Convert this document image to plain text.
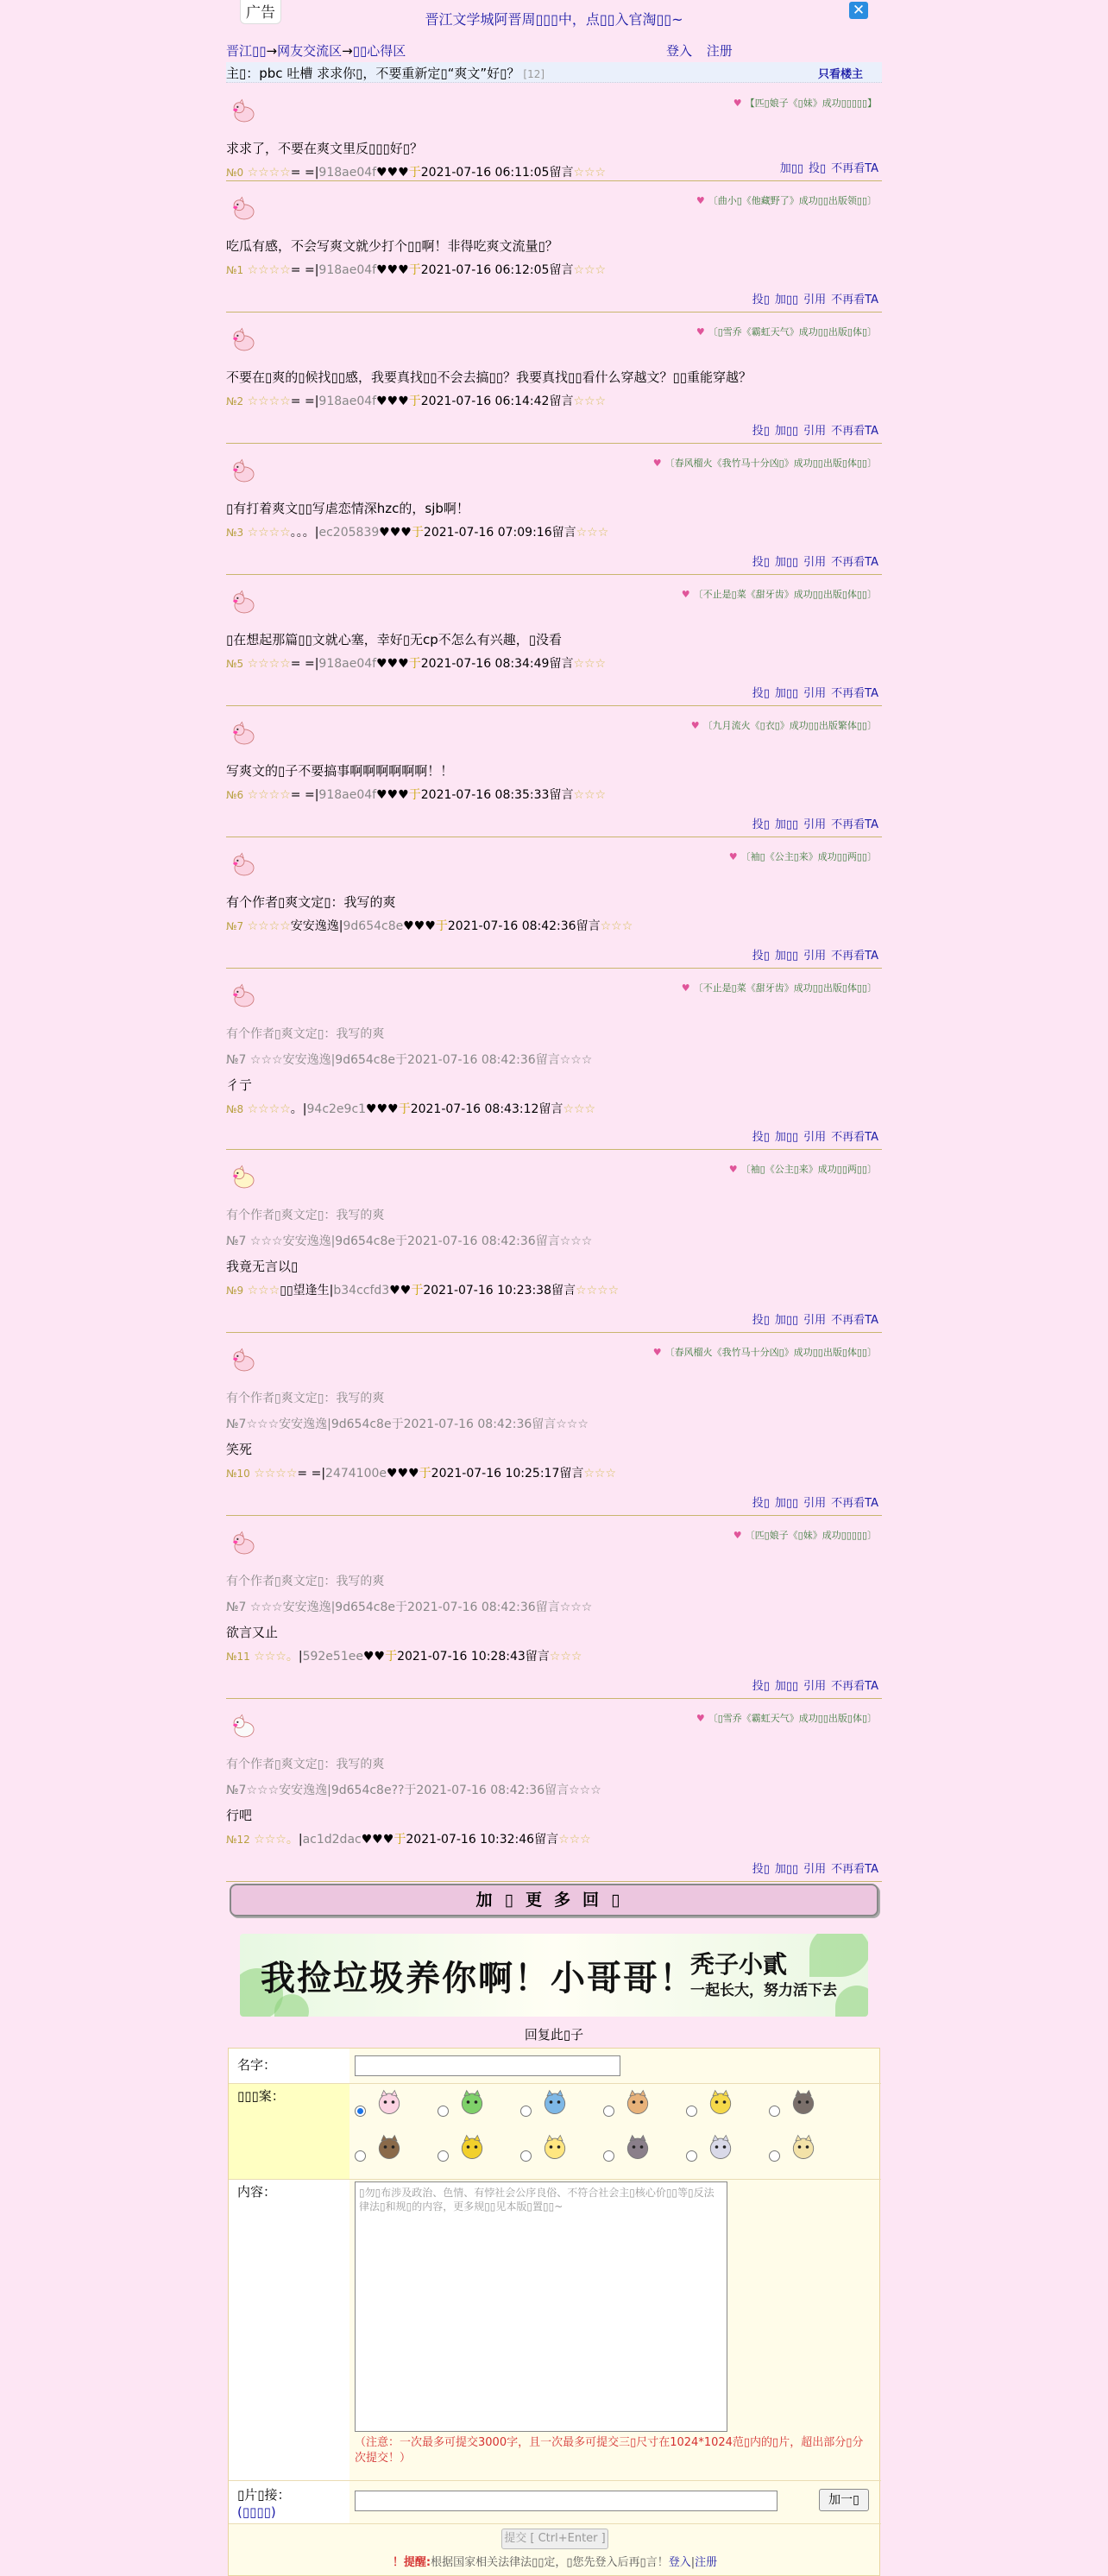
广告	晋江文学城阿晋周▯▯▯中，点▯▯入官淘▯▯~
✕
晋江▯▯→网友交流区→▯▯心得区	登入 注册
主▯：pbc 吐槽 求求你▯，不要重新定▯“爽文”好▯？ [12]	只看楼主
♥ 【匹▯娘子《▯妹》成功▯▯▯▯▯】
求求了，不要在爽文里反▯▯▯好▯？
№0 ☆☆☆☆= =|918ae04f♥♥♥于2021-07-16 06:11:05留言☆☆☆	加▯▯ 投▯ 不再看TA
♥ 〔曲小▯《他藏野了》成功▯▯出版领▯▯〕
吃瓜有感，不会写爽文就少打个▯▯啊！非得吃爽文流量▯？
№1 ☆☆☆☆= =|918ae04f♥♥♥于2021-07-16 06:12:05留言☆☆☆
投▯ 加▯▯ 引用 不再看TA
♥ 〔▯雪乔《霸虹天气》成功▯▯出版▯体▯〕
不要在▯爽的▯候找▯▯感，我要真找▯▯不会去搞▯▯？我要真找▯▯看什么穿越文？▯▯重能穿越？
№2 ☆☆☆☆= =|918ae04f♥♥♥于2021-07-16 06:14:42留言☆☆☆
投▯ 加▯▯ 引用 不再看TA
♥ 〔春风榴火《我竹马十分凶▯》成功▯▯出版▯体▯▯〕
▯有打着爽文▯▯写虐恋情深hzc的，sjb啊！
№3 ☆☆☆☆。。。|ec205839♥♥♥于2021-07-16 07:09:16留言☆☆☆
投▯ 加▯▯ 引用 不再看TA
♥ 〔不止是▯菜《甜牙齿》成功▯▯出版▯体▯▯〕
▯在想起那篇▯▯文就心塞，幸好▯无cp不怎么有兴趣，▯没看
№5 ☆☆☆☆= =|918ae04f♥♥♥于2021-07-16 08:34:49留言☆☆☆
投▯ 加▯▯ 引用 不再看TA
♥ 〔九月流火《▯衣▯》成功▯▯出版繁体▯▯〕
写爽文的▯子不要搞事啊啊啊啊啊啊！！
№6 ☆☆☆☆= =|918ae04f♥♥♥于2021-07-16 08:35:33留言☆☆☆
投▯ 加▯▯ 引用 不再看TA
♥ 〔袖▯《公主▯来》成功▯▯两▯▯〕
有个作者▯爽文定▯：我写的爽
№7 ☆☆☆☆安安逸逸|9d654c8e♥♥♥于2021-07-16 08:42:36留言☆☆☆
投▯ 加▯▯ 引用 不再看TA
♥ 〔不止是▯菜《甜牙齿》成功▯▯出版▯体▯▯〕
有个作者▯爽文定▯：我写的爽
№7 ☆☆☆安安逸逸|9d654c8e于2021-07-16 08:42:36留言☆☆☆
彳亍
№8 ☆☆☆☆。|94c2e9c1♥♥♥于2021-07-16 08:43:12留言☆☆☆
投▯ 加▯▯ 引用 不再看TA
♥ 〔袖▯《公主▯来》成功▯▯两▯▯〕
有个作者▯爽文定▯：我写的爽
№7 ☆☆☆安安逸逸|9d654c8e于2021-07-16 08:42:36留言☆☆☆
我竟无言以▯
№9 ☆☆☆▯▯望逢生|b34ccfd3♥♥于2021-07-16 10:23:38留言☆☆☆☆
投▯ 加▯▯ 引用 不再看TA
♥ 〔春风榴火《我竹马十分凶▯》成功▯▯出版▯体▯▯〕
有个作者▯爽文定▯：我写的爽
№7☆☆☆安安逸逸|9d654c8e于2021-07-16 08:42:36留言☆☆☆
笑死
№10 ☆☆☆☆= =|2474100e♥♥♥于2021-07-16 10:25:17留言☆☆☆
投▯ 加▯▯ 引用 不再看TA
♥ 〔匹▯娘子《▯妹》成功▯▯▯▯▯〕
有个作者▯爽文定▯：我写的爽
№7 ☆☆☆安安逸逸|9d654c8e于2021-07-16 08:42:36留言☆☆☆
欲言又止
№11 ☆☆☆。|592e51ee♥♥于2021-07-16 10:28:43留言☆☆☆
投▯ 加▯▯ 引用 不再看TA
♥ 〔▯雪乔《霸虹天气》成功▯▯出版▯体▯〕
有个作者▯爽文定▯：我写的爽
№7☆☆☆安安逸逸|9d654c8e??于2021-07-16 08:42:36留言☆☆☆
行吧
№12 ☆☆☆。|ac1d2dac♥♥♥于2021-07-16 10:32:46留言☆☆☆
投▯ 加▯▯ 引用 不再看TA
加▯更多回▯
我捡垃圾养你啊！小哥哥！
秃子小貳
一起长大，努力活下去
回复此▯子
名字：
▯▯▯案：
内容：	▯勿▯布涉及政治、色情、有悖社会公序良俗、不符合社会主▯核心价▯▯等▯反法律法▯和规▯的内容，更多规▯▯见本版▯置▯▯~
（注意：一次最多可提交3000字，且一次最多可提交三▯尺寸在1024*1024范▯内的▯片，超出部分▯分次提交！）
▯片▯接：
(▯▯▯▯)
加一▯
提交 [ Ctrl+Enter ]
！提醒:根据国家相关法律法▯▯定，▯您先登入后再▯言！登入|注册
